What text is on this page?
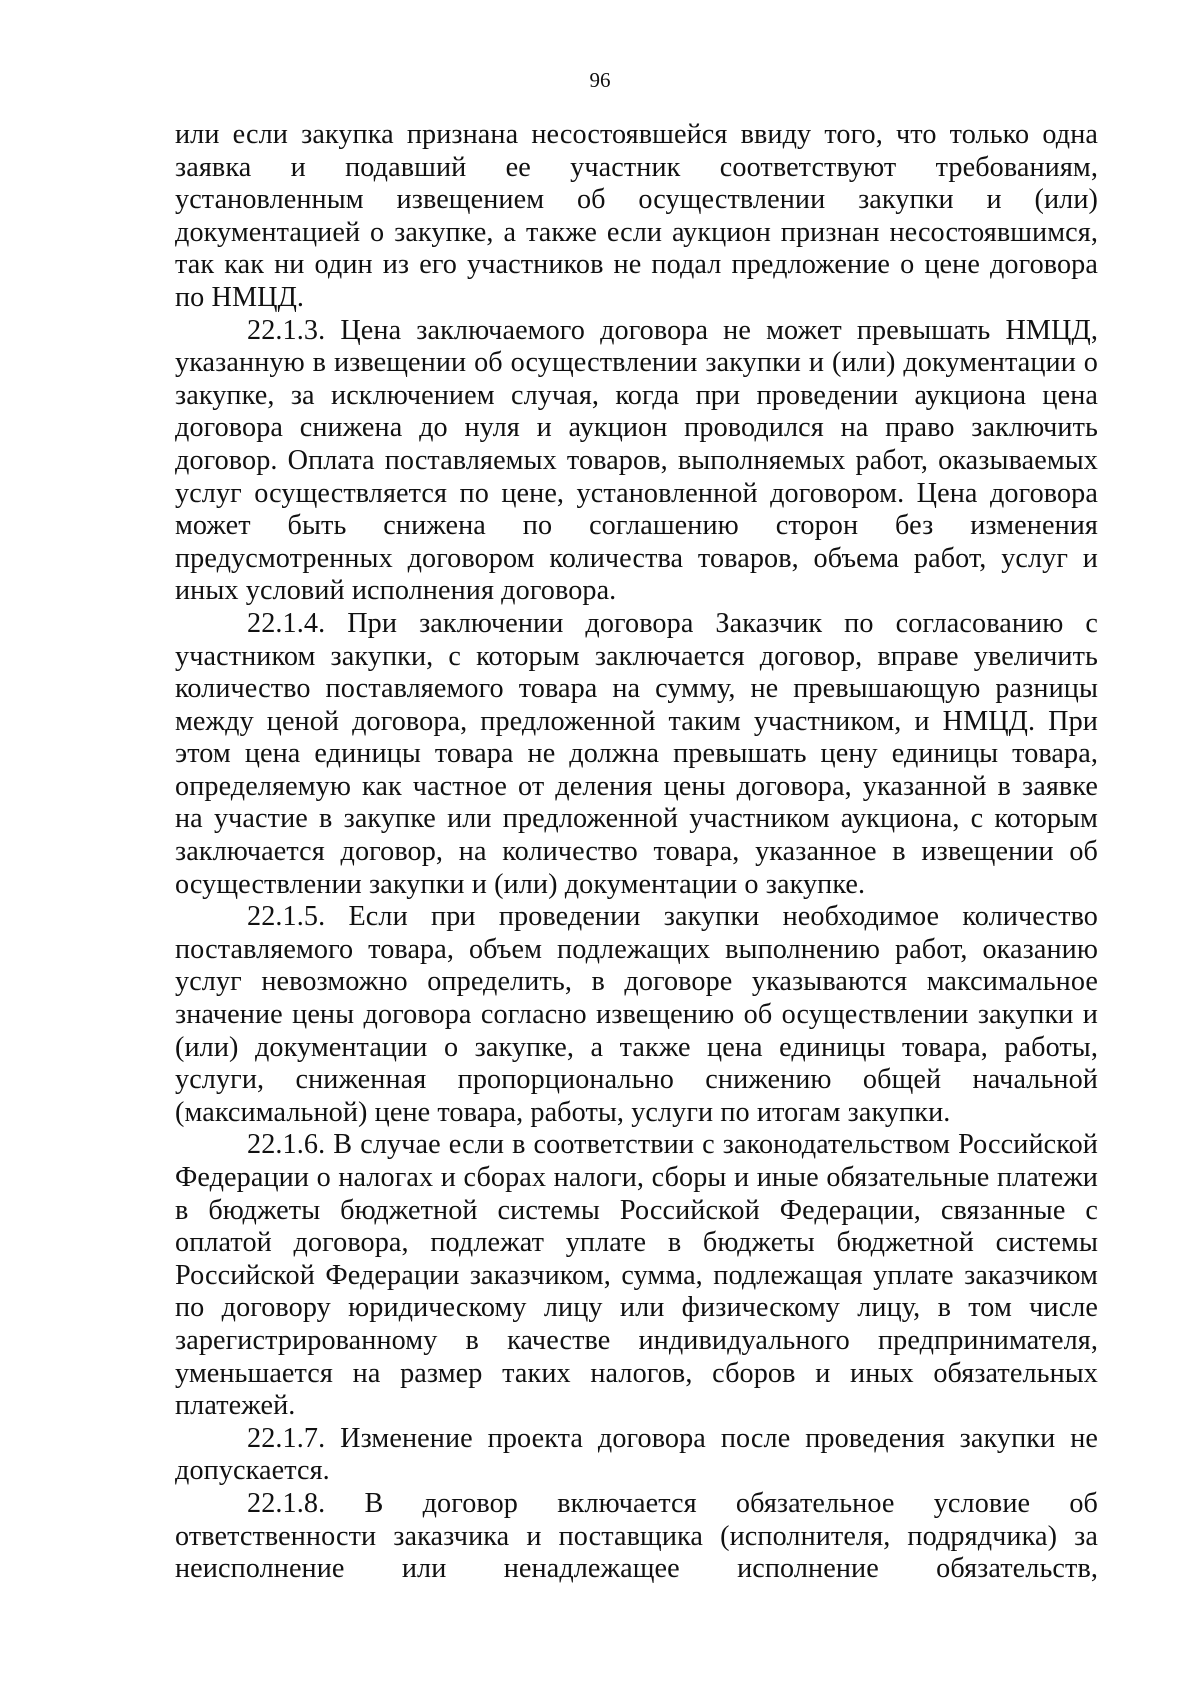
96

или если закупка признана несостоявшейся ввиду того, что только одна заявка и подавший ее участник соответствуют требованиям, установленным извещением об осуществлении закупки и (или) документацией о закупке, а также если аукцион признан несостоявшимся, так как ни один из его участников не подал предложение о цене договора по НМЦД.

22.1.3. Цена заключаемого договора не может превышать НМЦД, указанную в извещении об осуществлении закупки и (или) документации о закупке, за исключением случая, когда при проведении аукциона цена договора снижена до нуля и аукцион проводился на право заключить договор. Оплата поставляемых товаров, выполняемых работ, оказываемых услуг осуществляется по цене, установленной договором. Цена договора может быть снижена по соглашению сторон без изменения предусмотренных договором количества товаров, объема работ, услуг и иных условий исполнения договора.

22.1.4. При заключении договора Заказчик по согласованию с участником закупки, с которым заключается договор, вправе увеличить количество поставляемого товара на сумму, не превышающую разницы между ценой договора, предложенной таким участником, и НМЦД. При этом цена единицы товара не должна превышать цену единицы товара, определяемую как частное от деления цены договора, указанной в заявке на участие в закупке или предложенной участником аукциона, с которым заключается договор, на количество товара, указанное в извещении об осуществлении закупки и (или) документации о закупке.

22.1.5. Если при проведении закупки необходимое количество поставляемого товара, объем подлежащих выполнению работ, оказанию услуг невозможно определить, в договоре указываются максимальное значение цены договора согласно извещению об осуществлении закупки и (или) документации о закупке, а также цена единицы товара, работы, услуги, сниженная пропорционально снижению общей начальной (максимальной) цене товара, работы, услуги по итогам закупки.

22.1.6. В случае если в соответствии с законодательством Российской Федерации о налогах и сборах налоги, сборы и иные обязательные платежи в бюджеты бюджетной системы Российской Федерации, связанные с оплатой договора, подлежат уплате в бюджеты бюджетной системы Российской Федерации заказчиком, сумма, подлежащая уплате заказчиком по договору юридическому лицу или физическому лицу, в том числе зарегистрированному в качестве индивидуального предпринимателя, уменьшается на размер таких налогов, сборов и иных обязательных платежей.

22.1.7. Изменение проекта договора после проведения закупки не допускается.

22.1.8. В договор включается обязательное условие об ответственности заказчика и поставщика (исполнителя, подрядчика) за неисполнение или ненадлежащее исполнение обязательств,
